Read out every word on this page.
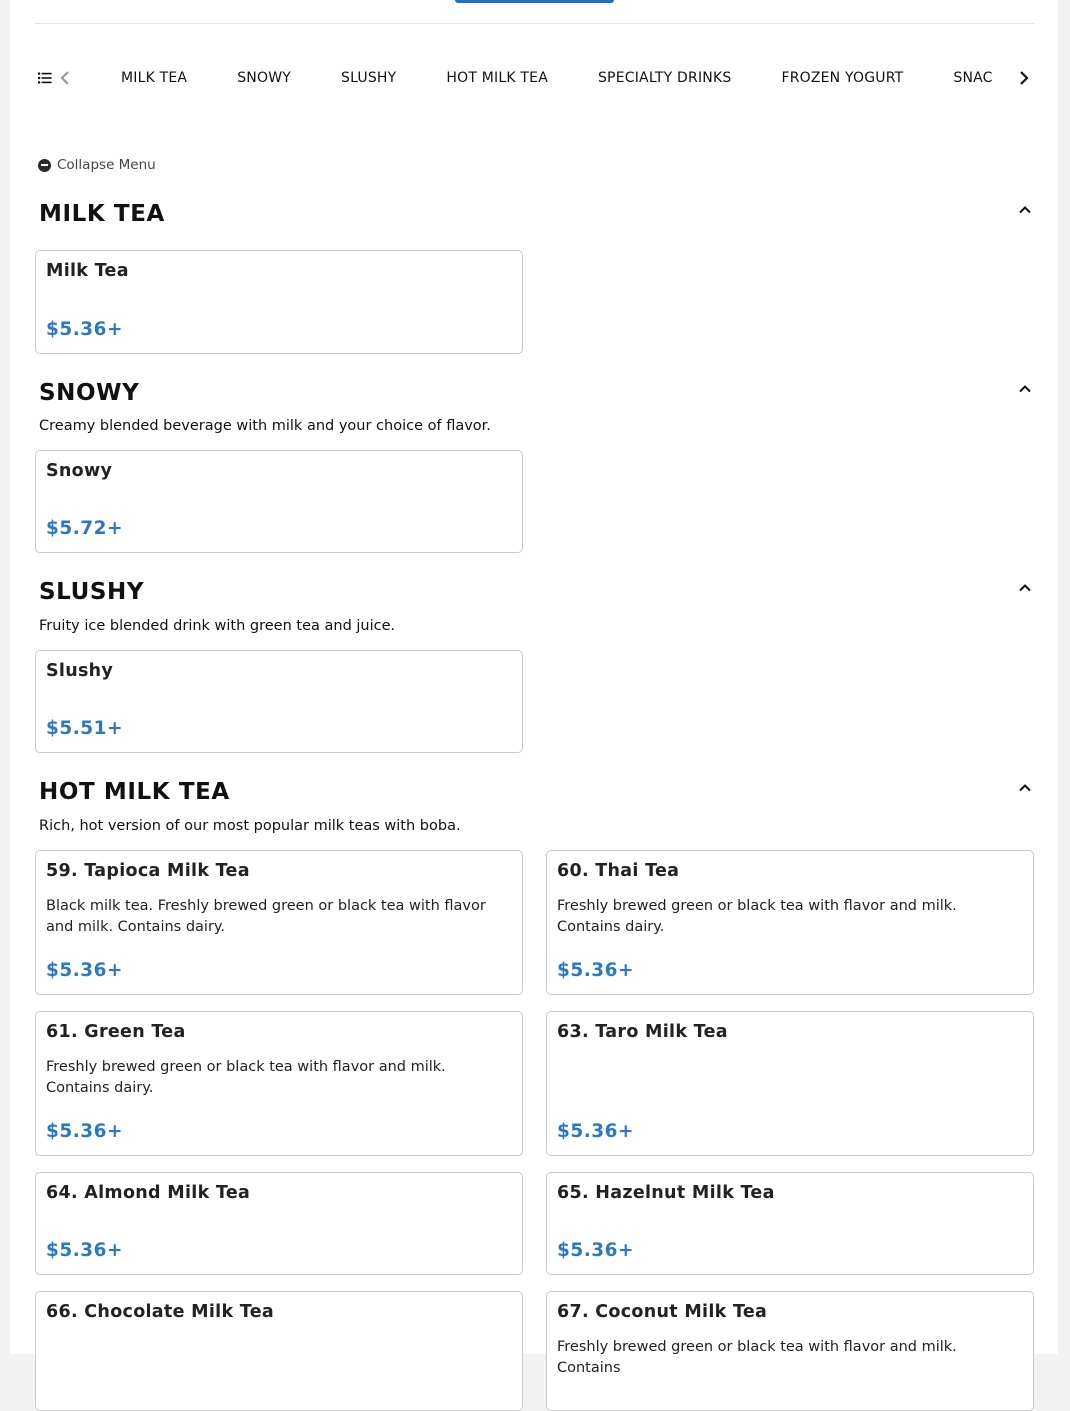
MILK TEA	SNOWY	SLUSHY	HOT MILK TEA	SPECIALTY DRINKS	FROZEN YOGURT	SNAC
Collapse Menu
MILK TEA
Milk Tea
$5.36+
SNOWY

Creamy blended beverage with milk and your choice of flavor.

Snowy
$5.72+
SLUSHY

Fruity ice blended drink with green tea and juice.

Slushy
$5.51+
HOT MILK TEA

Rich, hot version of our most popular milk teas with boba.

59. Tapioca Milk Tea
Black milk tea. Freshly brewed green or black tea with flavor and milk. Contains dairy.
$5.36+
60. Thai Tea
Freshly brewed green or black tea with flavor and milk. Contains dairy.
$5.36+
61. Green Tea
Freshly brewed green or black tea with flavor and milk. Contains dairy.
$5.36+
63. Taro Milk Tea
$5.36+
64. Almond Milk Tea
$5.36+
65. Hazelnut Milk Tea
$5.36+
66. Chocolate Milk Tea	67. Coconut Milk Tea
Freshly brewed green or black tea with flavor and milk. Contains
